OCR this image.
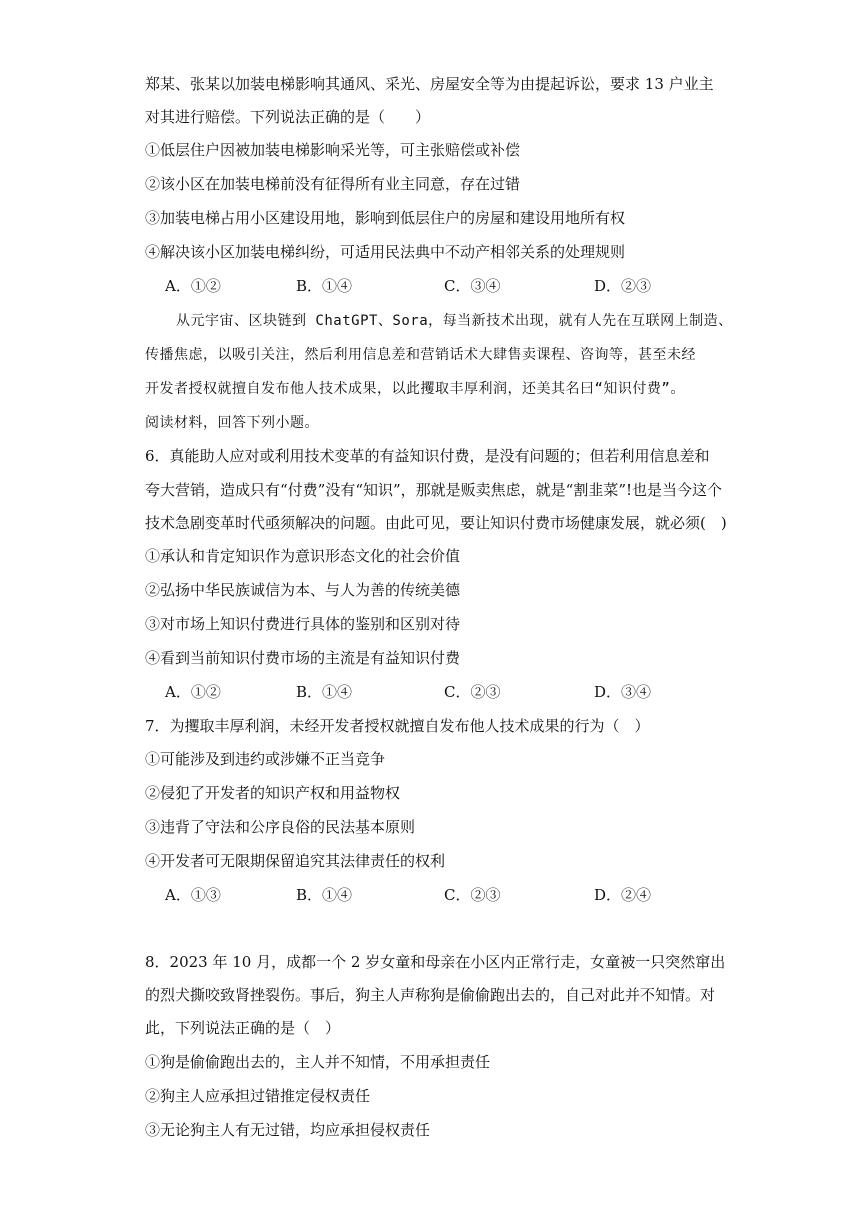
郑某、张某以加装电梯影响其通风、采光、房屋安全等为由提起诉讼，要求 13 户业主
对其进行赔偿。下列说法正确的是（　　）
①低层住户因被加装电梯影响采光等，可主张赔偿或补偿
②该小区在加装电梯前没有征得所有业主同意，存在过错
③加装电梯占用小区建设用地，影响到低层住户的房屋和建设用地所有权
④解决该小区加装电梯纠纷，可适用民法典中不动产相邻关系的处理规则
A．①②	B．①④	C．③④	D．②③
从元宇宙、区块链到 ChatGPT、Sora，每当新技术出现，就有人先在互联网上制造、
传播焦虑，以吸引关注，然后利用信息差和营销话术大肆售卖课程、咨询等，甚至未经
开发者授权就擅自发布他人技术成果，以此攫取丰厚利润，还美其名曰“知识付费”。
阅读材料，回答下列小题。
6．真能助人应对或利用技术变革的有益知识付费，是没有问题的；但若利用信息差和
夸大营销，造成只有“付费”没有“知识”，那就是贩卖焦虑，就是“割韭菜”!也是当今这个
技术急剧变革时代亟须解决的问题。由此可见，要让知识付费市场健康发展，就必须(　)
①承认和肯定知识作为意识形态文化的社会价值
②弘扬中华民族诚信为本、与人为善的传统美德
③对市场上知识付费进行具体的鉴别和区别对待
④看到当前知识付费市场的主流是有益知识付费
A．①②	B．①④	C．②③	D．③④
7．为攫取丰厚利润，未经开发者授权就擅自发布他人技术成果的行为（　）
①可能涉及到违约或涉嫌不正当竞争
②侵犯了开发者的知识产权和用益物权
③违背了守法和公序良俗的民法基本原则
④开发者可无限期保留追究其法律责任的权利
A．①③	B．①④	C．②③	D．②④
8．2023 年 10 月，成都一个 2 岁女童和母亲在小区内正常行走，女童被一只突然窜出
的烈犬撕咬致肾挫裂伤。事后，狗主人声称狗是偷偷跑出去的，自己对此并不知情。对
此，下列说法正确的是（　）
①狗是偷偷跑出去的，主人并不知情，不用承担责任
②狗主人应承担过错推定侵权责任
③无论狗主人有无过错，均应承担侵权责任
